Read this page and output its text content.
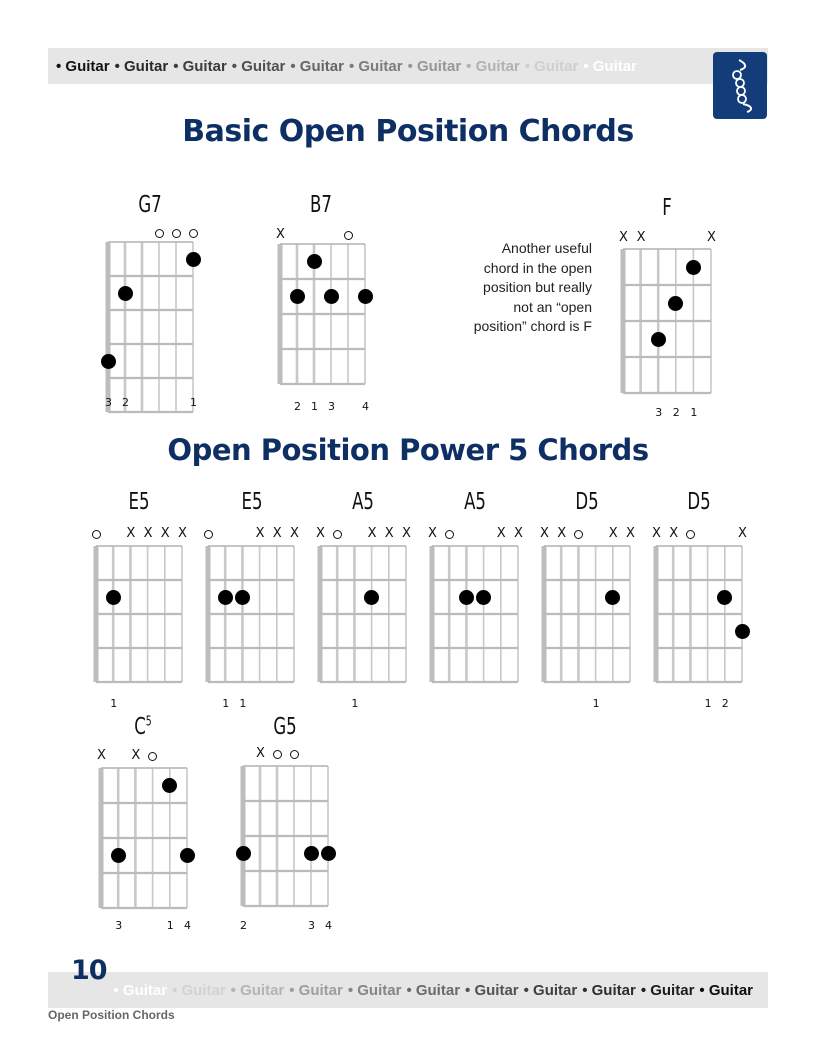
• Guitar • Guitar • Guitar • Guitar • Guitar • Guitar • Guitar • Guitar • Guitar • Guitar
Basic Open Position Chords
Open Position Power 5 Chords
Another useful chord in the open position but really not an “open position” chord is F
G7
3 2	1
B7
X
2 1 3 4
F
X X	X
3 2 1
E5
X X X X
1
E5
X X X
1 1
A5
X	X X X
1
A5
X	X X
D5
X X	X X
1
D5
X X	X
1 2
$C^5$
X X
3	1 4
G5
X
2	3 4
• Guitar • Guitar • Guitar • Guitar • Guitar • Guitar • Guitar • Guitar • Guitar • Guitar • Guitar
10
Open Position Chords
